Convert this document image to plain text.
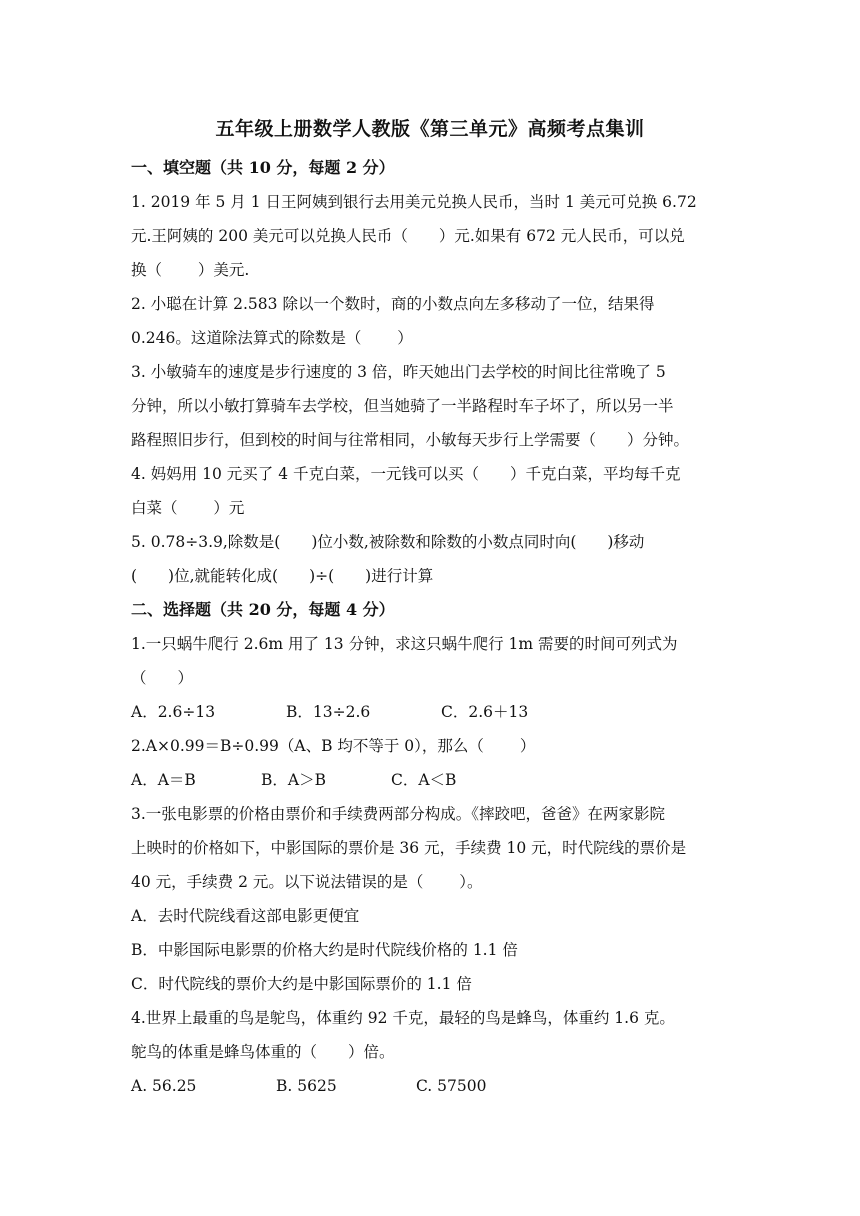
五年级上册数学人教版《第三单元》高频考点集训
一、填空题（共 10 分，每题 2 分）
1. 2019 年 5 月 1 日王阿姨到银行去用美元兑换人民币，当时 1 美元可兑换 6.72
元.王阿姨的 200 美元可以兑换人民币（　　）元.如果有 672 元人民币，可以兑
换（　　 ）美元.
2. 小聪在计算 2.583 除以一个数时，商的小数点向左多移动了一位，结果得
0.246。这道除法算式的除数是（　　 ）
3. 小敏骑车的速度是步行速度的 3 倍，昨天她出门去学校的时间比往常晚了 5
分钟，所以小敏打算骑车去学校，但当她骑了一半路程时车子坏了，所以另一半
路程照旧步行，但到校的时间与往常相同，小敏每天步行上学需要（　　）分钟。
4. 妈妈用 10 元买了 4 千克白菜，一元钱可以买（　　）千克白菜，平均每千克
白菜（　　 ）元
5. 0.78÷3.9,除数是(　　)位小数,被除数和除数的小数点同时向(　　)移动
(　　)位,就能转化成(　　)÷(　　)进行计算
二、选择题（共 20 分，每题 4 分）
1.一只蜗牛爬行 2.6m 用了 13 分钟，求这只蜗牛爬行 1m 需要的时间可列式为
（　　）
A．2.6÷13	B．13÷2.6	C．2.6＋13
2.A×0.99＝B÷0.99（A、B 均不等于 0），那么（　　 ）
A．A＝B	B．A＞B	C．A＜B
3.一张电影票的价格由票价和手续费两部分构成。《摔跤吧，爸爸》在两家影院
上映时的价格如下，中影国际的票价是 36 元，手续费 10 元，时代院线的票价是
40 元，手续费 2 元。以下说法错误的是（　　 ）。
A．去时代院线看这部电影更便宜
B．中影国际电影票的价格大约是时代院线价格的 1.1 倍
C．时代院线的票价大约是中影国际票价的 1.1 倍
4.世界上最重的鸟是鸵鸟，体重约 92 千克，最轻的鸟是蜂鸟，体重约 1.6 克。
鸵鸟的体重是蜂鸟体重的（　　）倍。
A. 56.25	B. 5625	C. 57500
